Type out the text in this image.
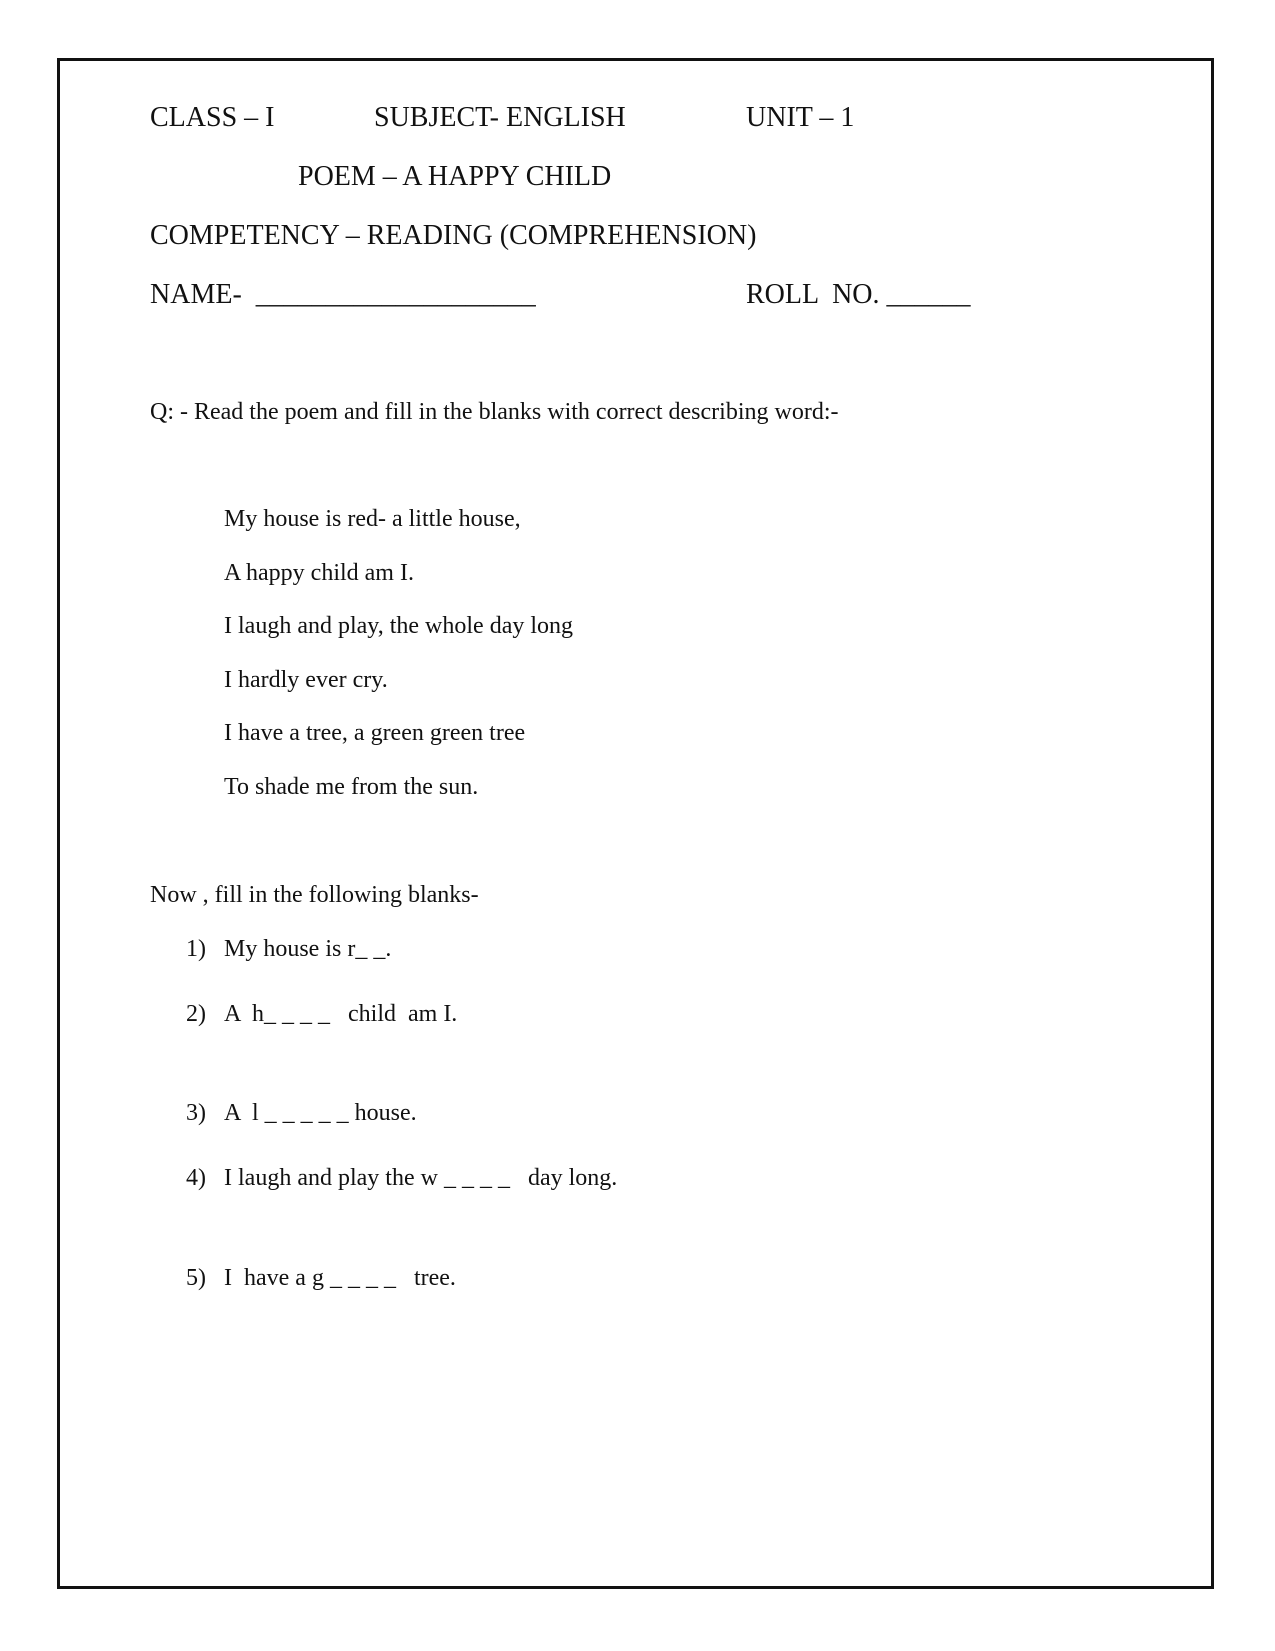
CLASS – I	SUBJECT- ENGLISH	UNIT – 1
POEM – A HAPPY CHILD
COMPETENCY – READING (COMPREHENSION)
NAME-  ____________________	ROLL  NO. ______
Q: - Read the poem and fill in the blanks with correct describing word:-
My house is red- a little house,
A happy child am I.
I laugh and play, the whole day long
I hardly ever cry.
I have a tree, a green green tree
To shade me from the sun.
Now , fill in the following blanks-
1) My house is r_ _.
2) A  h_ _ _ _   child  am I.
3) A  l _ _ _ _ _ house.
4) I laugh and play the w _ _ _ _   day long.
5) I  have a g _ _ _ _   tree.
